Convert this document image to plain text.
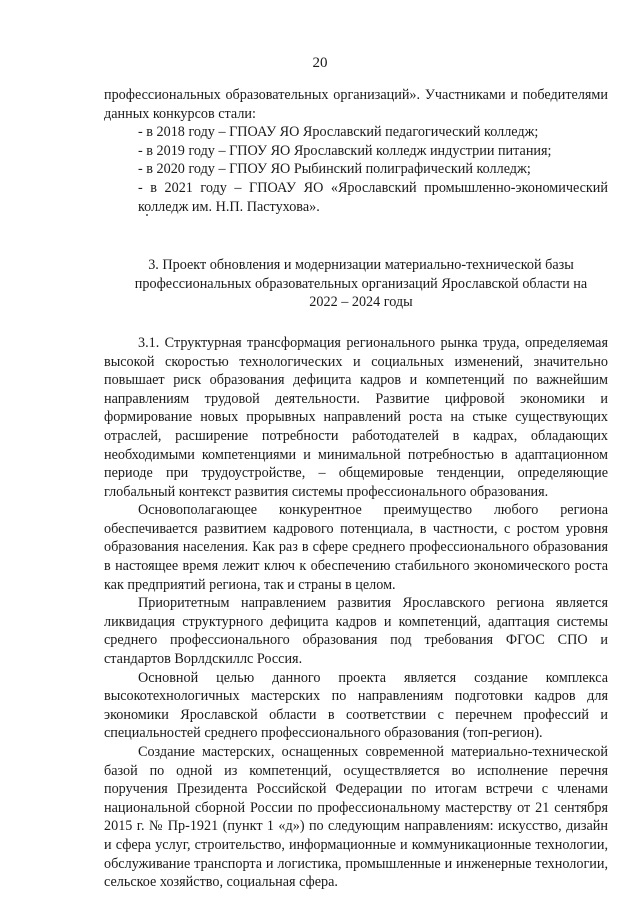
20

профессиональных образовательных организаций». Участниками и победителями данных конкурсов стали:

- в 2018 году – ГПОАУ ЯО Ярославский педагогический колледж;

- в 2019 году – ГПОУ ЯО Ярославский колледж индустрии питания;

- в 2020 году – ГПОУ ЯО Рыбинский полиграфический колледж;

- в 2021 году – ГПОАУ ЯО «Ярославский промышленно-экономический колледж им. Н.П. Пастухова».

3. Проект обновления и модернизации материально-технической базы
профессиональных образовательных организаций Ярославской области на
2022 – 2024 годы

3.1. Структурная трансформация регионального рынка труда, определяемая высокой скоростью технологических и социальных изменений, значительно повышает риск образования дефицита кадров и компетенций по важнейшим направлениям трудовой деятельности. Развитие цифровой экономики и формирование новых прорывных направлений роста на стыке существующих отраслей, расширение потребности работодателей в кадрах, обладающих необходимыми компетенциями и минимальной потребностью в адаптационном периоде при трудоустройстве, – общемировые тенденции, определяющие глобальный контекст развития системы профессионального образования.

Основополагающее конкурентное преимущество любого региона обеспечивается развитием кадрового потенциала, в частности, с ростом уровня образования населения. Как раз в сфере среднего профессионального образования в настоящее время лежит ключ к обеспечению стабильного экономического роста как предприятий региона, так и страны в целом.

Приоритетным направлением развития Ярославского региона является ликвидация структурного дефицита кадров и компетенций, адаптация системы среднего профессионального образования под требования ФГОС СПО и стандартов Ворлдскиллс Россия.

Основной целью данного проекта является создание комплекса высокотехнологичных мастерских по направлениям подготовки кадров для экономики Ярославской области в соответствии с перечнем профессий и специальностей среднего профессионального образования (топ-регион).

Создание мастерских, оснащенных современной материально-технической базой по одной из компетенций, осуществляется во исполнение перечня поручения Президента Российской Федерации по итогам встречи с членами национальной сборной России по профессиональному мастерству от 21 сентября 2015 г. № Пр-1921 (пункт 1 «д») по следующим направлениям: искусство, дизайн и сфера услуг, строительство, информационные и коммуникационные технологии, обслуживание транспорта и логистика, промышленные и инженерные технологии, сельское хозяйство, социальная сфера.
